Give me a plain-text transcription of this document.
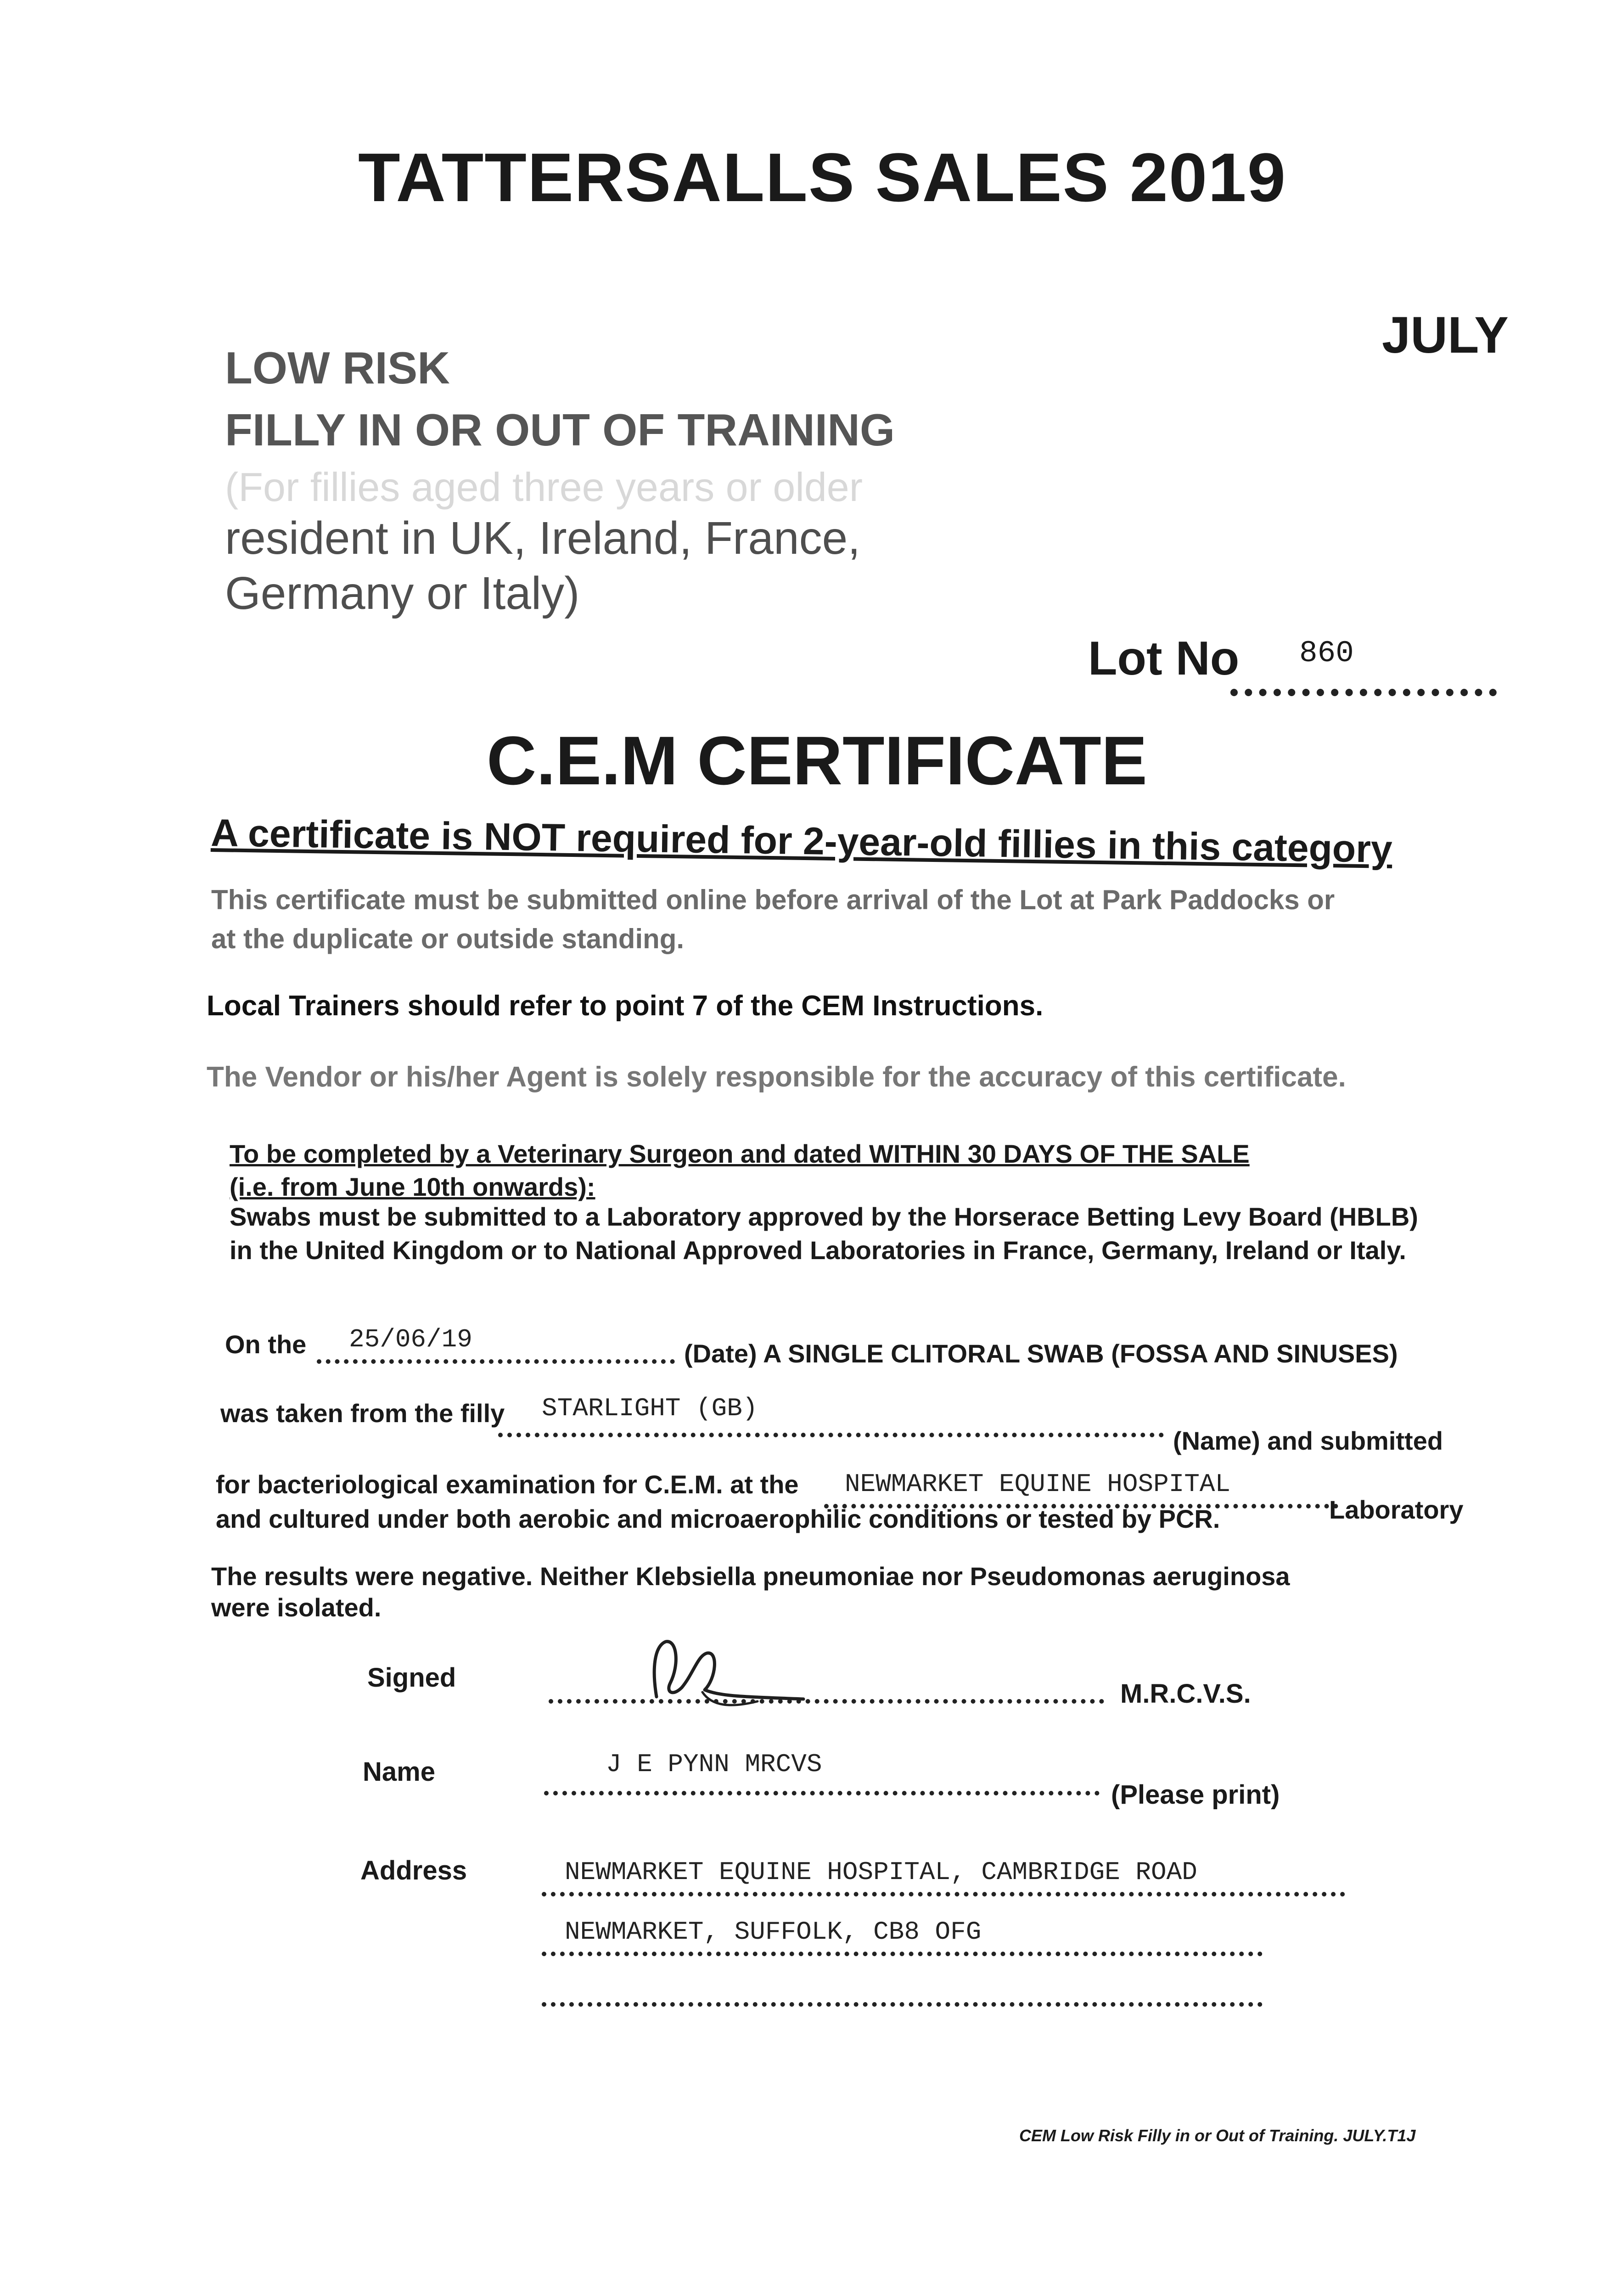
TATTERSALLS SALES 2019
JULY
LOW RISK
FILLY IN OR OUT OF TRAINING
(For fillies aged three years or older
resident in UK, Ireland, France,
Germany or Italy)
Lot No 860
C.E.M CERTIFICATE
A certificate is NOT required for 2-year-old fillies in this category
This certificate must be submitted online before arrival of the Lot at Park Paddocks or
at the duplicate or outside standing.
Local Trainers should refer to point 7 of the CEM Instructions.
The Vendor or his/her Agent is solely responsible for the accuracy of this certificate.
To be completed by a Veterinary Surgeon and dated WITHIN 30 DAYS OF THE SALE
(i.e. from June 10th onwards):
Swabs must be submitted to a Laboratory approved by the Horserace Betting Levy Board (HBLB)
in the United Kingdom or to National Approved Laboratories in France, Germany, Ireland or Italy.
On the 25/06/19	(Date) A SINGLE CLITORAL SWAB (FOSSA AND SINUSES)
was taken from the filly STARLIGHT (GB)
(Name) and submitted
for bacteriological examination for C.E.M. at the NEWMARKET EQUINE HOSPITAL
Laboratory
and cultured under both aerobic and microaerophilic conditions or tested by PCR.
The results were negative. Neither Klebsiella pneumoniae nor Pseudomonas aeruginosa
were isolated.
Signed
M.R.C.V.S.
Name	J E PYNN MRCVS
(Please print)
Address	NEWMARKET EQUINE HOSPITAL, CAMBRIDGE ROAD
NEWMARKET, SUFFOLK, CB8 OFG
CEM Low Risk Filly in or Out of Training. JULY.T1J
